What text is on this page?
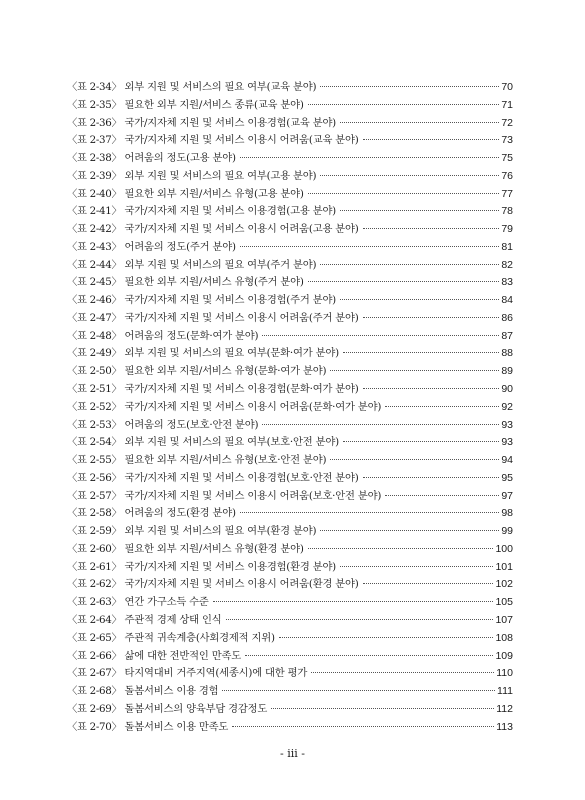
〈표 2-34〉 외부 지원 및 서비스의 필요 여부(교육 분야)	70
〈표 2-35〉 필요한 외부 지원/서비스 종류(교육 분야)	71
〈표 2-36〉 국가/지자체 지원 및 서비스 이용경험(교육 분야)	72
〈표 2-37〉 국가/지자체 지원 및 서비스 이용시 어려움(교육 분야)	73
〈표 2-38〉 어려움의 정도(고용 분야)	75
〈표 2-39〉 외부 지원 및 서비스의 필요 여부(고용 분야)	76
〈표 2-40〉 필요한 외부 지원/서비스 유형(고용 분야)	77
〈표 2-41〉 국가/지자체 지원 및 서비스 이용경험(고용 분야)	78
〈표 2-42〉 국가/지자체 지원 및 서비스 이용시 어려움(고용 분야)	79
〈표 2-43〉 어려움의 정도(주거 분야)	81
〈표 2-44〉 외부 지원 및 서비스의 필요 여부(주거 분야)	82
〈표 2-45〉 필요한 외부 지원/서비스 유형(주거 분야)	83
〈표 2-46〉 국가/지자체 지원 및 서비스 이용경험(주거 분야)	84
〈표 2-47〉 국가/지자체 지원 및 서비스 이용시 어려움(주거 분야)	86
〈표 2-48〉 어려움의 정도(문화·여가 분야)	87
〈표 2-49〉 외부 지원 및 서비스의 필요 여부(문화·여가 분야)	88
〈표 2-50〉 필요한 외부 지원/서비스 유형(문화·여가 분야)	89
〈표 2-51〉 국가/지자체 지원 및 서비스 이용경험(문화·여가 분야)	90
〈표 2-52〉 국가/지자체 지원 및 서비스 이용시 어려움(문화·여가 분야)	92
〈표 2-53〉 어려움의 정도(보호·안전 분야)	93
〈표 2-54〉 외부 지원 및 서비스의 필요 여부(보호·안전 분야)	93
〈표 2-55〉 필요한 외부 지원/서비스 유형(보호·안전 분야)	94
〈표 2-56〉 국가/지자체 지원 및 서비스 이용경험(보호·안전 분야)	95
〈표 2-57〉 국가/지자체 지원 및 서비스 이용시 어려움(보호·안전 분야)	97
〈표 2-58〉 어려움의 정도(환경 분야)	98
〈표 2-59〉 외부 지원 및 서비스의 필요 여부(환경 분야)	99
〈표 2-60〉 필요한 외부 지원/서비스 유형(환경 분야)	100
〈표 2-61〉 국가/지자체 지원 및 서비스 이용경험(환경 분야)	101
〈표 2-62〉 국가/지자체 지원 및 서비스 이용시 어려움(환경 분야)	102
〈표 2-63〉 연간 가구소득 수준	105
〈표 2-64〉 주관적 경제 상태 인식	107
〈표 2-65〉 주관적 귀속계층(사회경제적 지위)	108
〈표 2-66〉 삶에 대한 전반적인 만족도	109
〈표 2-67〉 타지역대비 거주지역(세종시)에 대한 평가	110
〈표 2-68〉 돌봄서비스 이용 경험	111
〈표 2-69〉 돌봄서비스의 양육부담 경감정도	112
〈표 2-70〉 돌봄서비스 이용 만족도	113
- iii -
